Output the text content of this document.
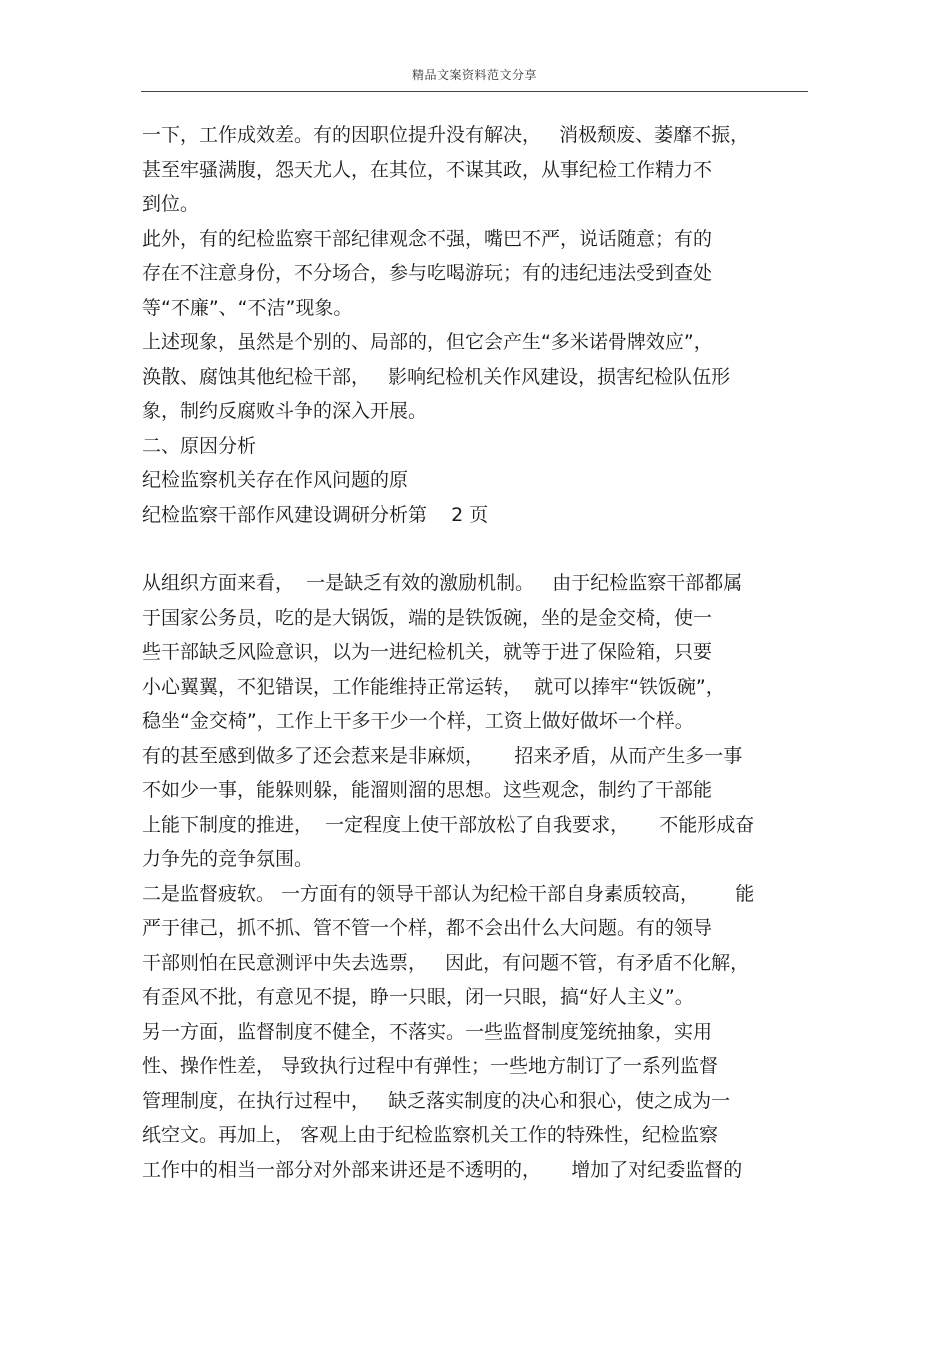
精品文案资料范文分享
一下，工作成效差。有的因职位提升没有解决，   消极颓废、萎靡不振，
甚至牢骚满腹，怨天尤人，在其位，不谋其政，从事纪检工作精力不
到位。
此外，有的纪检监察干部纪律观念不强，嘴巴不严，说话随意；有的
存在不注意身份，不分场合，参与吃喝游玩；有的违纪违法受到查处
等“不廉”、“不洁”现象。
上述现象，虽然是个别的、局部的，但它会产生“多米诺骨牌效应”，
涣散、腐蚀其他纪检干部，   影响纪检机关作风建设，损害纪检队伍形
象，制约反腐败斗争的深入开展。
二、原因分析
纪检监察机关存在作风问题的原
纪检监察干部作风建设调研分析第    2 页
从组织方面来看，  一是缺乏有效的激励机制。   由于纪检监察干部都属
于国家公务员，吃的是大锅饭，端的是铁饭碗，坐的是金交椅，使一
些干部缺乏风险意识，以为一进纪检机关，就等于进了保险箱，只要
小心翼翼，不犯错误，工作能维持正常运转，  就可以捧牢“铁饭碗”，
稳坐“金交椅”，工作上干多干少一个样，工资上做好做坏一个样。
有的甚至感到做多了还会惹来是非麻烦，     招来矛盾，从而产生多一事
不如少一事，能躲则躲，能溜则溜的思想。这些观念，制约了干部能
上能下制度的推进，  一定程度上使干部放松了自我要求，     不能形成奋
力争先的竞争氛围。
二是监督疲软。 一方面有的领导干部认为纪检干部自身素质较高，      能
严于律己，抓不抓、管不管一个样，都不会出什么大问题。有的领导
干部则怕在民意测评中失去选票，   因此，有问题不管，有矛盾不化解，
有歪风不批，有意见不提，睁一只眼，闭一只眼，搞“好人主义”。
另一方面，监督制度不健全，不落实。一些监督制度笼统抽象，实用
性、操作性差， 导致执行过程中有弹性；一些地方制订了一系列监督
管理制度，在执行过程中，   缺乏落实制度的决心和狠心，使之成为一
纸空文。再加上， 客观上由于纪检监察机关工作的特殊性，纪检监察
工作中的相当一部分对外部来讲还是不透明的，     增加了对纪委监督的
